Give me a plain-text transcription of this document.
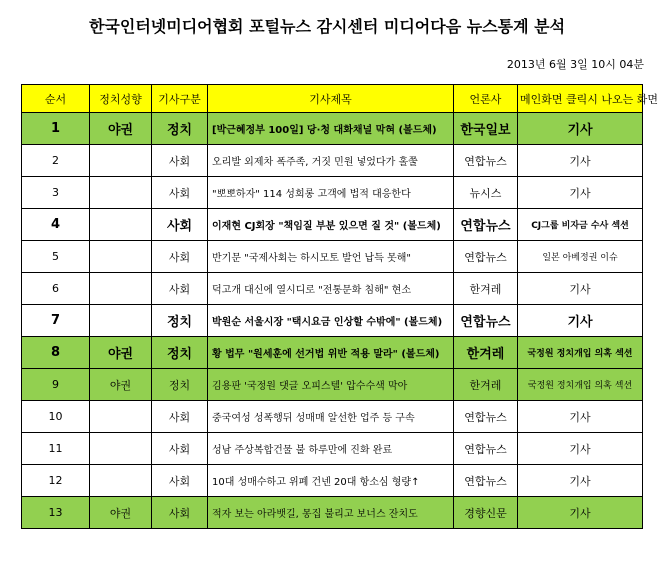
한국인터넷미디어협회 포털뉴스 감시센터 미디어다음 뉴스통계 분석
2013년 6월 3일 10시 04분
순서	정치성향	기사구분	기사제목	언론사	메인화면 클릭시 나오는 화면
1	야권	정치	[박근혜정부 100일] 당·청 대화채널 막혀 (볼드체)	한국일보	기사
2		사회	오리발 외제차 폭주족, 거짓 민원 넣었다가 홀쭐	연합뉴스	기사
3		사회	"뽀뽀하자" 114 성희롱 고객에 법적 대응한다	뉴시스	기사
4		사회	이재현 CJ회장 "책임질 부분 있으면 질 것" (볼드체)	연합뉴스	CJ그룹 비자금 수사 섹션
5		사회	반기문 "국제사회는 하시모토 발언 납득 못해"	연합뉴스	일본 아베정권 이슈
6		사회	덕고개 대신에 열시디로 "전통문화 침해" 현소	한겨레	기사
7		정치	박원순 서울시장 "택시요금 인상할 수밖에" (볼드체)	연합뉴스	기사
8	야권	정치	황 법무 "원세훈에 선거법 위반 적용 말라" (볼드체)	한겨레	국정원 정치개입 의혹 섹션
9	야권	정치	김용판 '국정원 댓글 오피스텔' 압수수색 막아	한겨레	국정원 정치개입 의혹 섹션
10		사회	중국여성 성폭행뒤 성매매 알선한 업주 등 구속	연합뉴스	기사
11		사회	성남 주상복합건물 불 하루만에 진화 완료	연합뉴스	기사
12		사회	10대 성매수하고 위폐 건넨 20대 항소심 형량↑	연합뉴스	기사
13	야권	사회	적자 보는 아라뱃길, 몽집 불리고 보너스 잔치도	경향신문	기사
